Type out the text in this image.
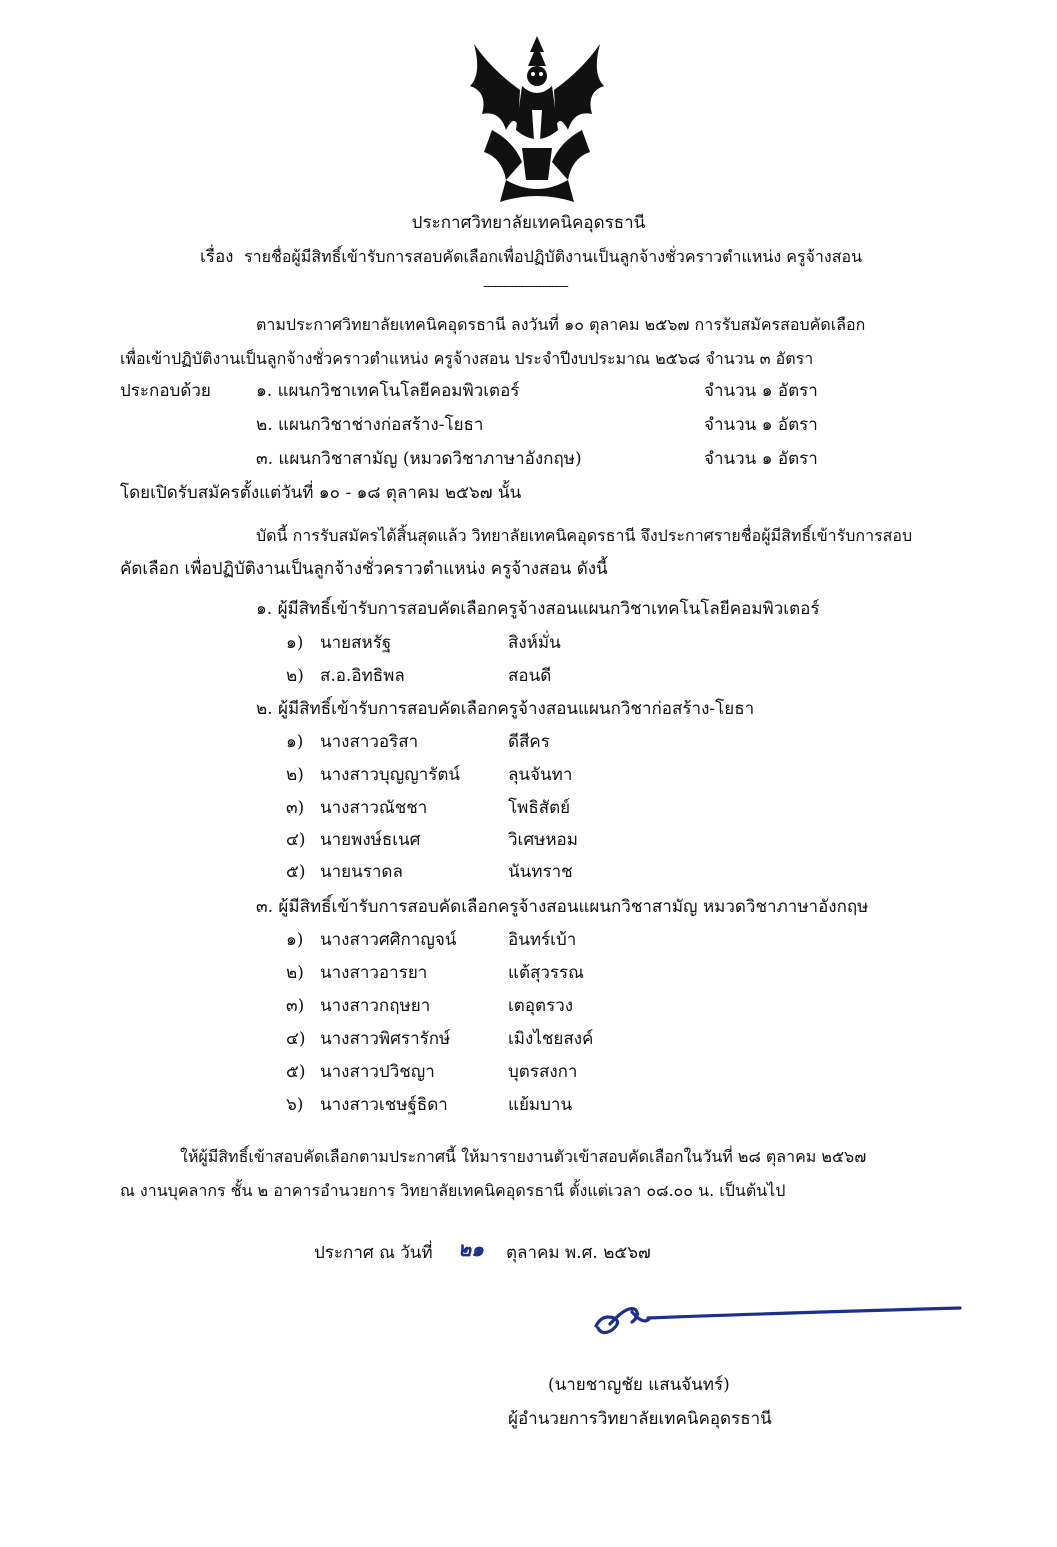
ประกาศวิทยาลัยเทคนิคอุดรธานี
เรื่อง รายชื่อผู้มีสิทธิ์เข้ารับการสอบคัดเลือกเพื่อปฏิบัติงานเป็นลูกจ้างชั่วคราวตำแหน่ง ครูจ้างสอน
-------------------------
ตามประกาศวิทยาลัยเทคนิคอุดรธานี ลงวันที่ ๑๐ ตุลาคม ๒๕๖๗ การรับสมัครสอบคัดเลือก
เพื่อเข้าปฏิบัติงานเป็นลูกจ้างชั่วคราวตำแหน่ง ครูจ้างสอน ประจำปีงบประมาณ ๒๕๖๘ จำนวน ๓ อัตรา
ประกอบด้วย	๑. แผนกวิชาเทคโนโลยีคอมพิวเตอร์	จำนวน ๑ อัตรา
๒. แผนกวิชาช่างก่อสร้าง-โยธา	จำนวน ๑ อัตรา
๓. แผนกวิชาสามัญ (หมวดวิชาภาษาอังกฤษ)	จำนวน ๑ อัตรา
โดยเปิดรับสมัครตั้งแต่วันที่ ๑๐ - ๑๘ ตุลาคม ๒๕๖๗ นั้น
บัดนี้ การรับสมัครได้สิ้นสุดแล้ว วิทยาลัยเทคนิคอุดรธานี จึงประกาศรายชื่อผู้มีสิทธิ์เข้ารับการสอบ
คัดเลือก เพื่อปฏิบัติงานเป็นลูกจ้างชั่วคราวตำแหน่ง ครูจ้างสอน ดังนี้
๑. ผู้มีสิทธิ์เข้ารับการสอบคัดเลือกครูจ้างสอนแผนกวิชาเทคโนโลยีคอมพิวเตอร์
๑) นายสหรัฐ	สิงห์มั่น
๒) ส.อ.อิทธิพล	สอนดี
๒. ผู้มีสิทธิ์เข้ารับการสอบคัดเลือกครูจ้างสอนแผนกวิชาก่อสร้าง-โยธา
๑) นางสาวอริสา	ดีสีคร
๒) นางสาวบุญญารัตน์	ลุนจันทา
๓) นางสาวณัชชา	โพธิสัตย์
๔) นายพงษ์ธเนศ	วิเศษหอม
๕) นายนราดล	นันทราช
๓. ผู้มีสิทธิ์เข้ารับการสอบคัดเลือกครูจ้างสอนแผนกวิชาสามัญ หมวดวิชาภาษาอังกฤษ
๑) นางสาวศศิกาญจน์	อินทร์เบ้า
๒) นางสาวอารยา	แต้สุวรรณ
๓) นางสาวกฤษยา	เตอุตรวง
๔) นางสาวพิศรารักษ์	เมิงไชยสงค์
๕) นางสาวปวิชญา	บุตรสงกา
๖) นางสาวเชษฐ์ธิดา	แย้มบาน
ให้ผู้มีสิทธิ์เข้าสอบคัดเลือกตามประกาศนี้ ให้มารายงานตัวเข้าสอบคัดเลือกในวันที่ ๒๘ ตุลาคม ๒๕๖๗
ณ งานบุคลากร ชั้น ๒ อาคารอำนวยการ วิทยาลัยเทคนิคอุดรธานี ตั้งแต่เวลา ๐๘.๐๐ น. เป็นต้นไป
ประกาศ ณ วันที่ ๒๑ ตุลาคม พ.ศ. ๒๕๖๗
(นายชาญชัย แสนจันทร์)
ผู้อำนวยการวิทยาลัยเทคนิคอุดรธานี
